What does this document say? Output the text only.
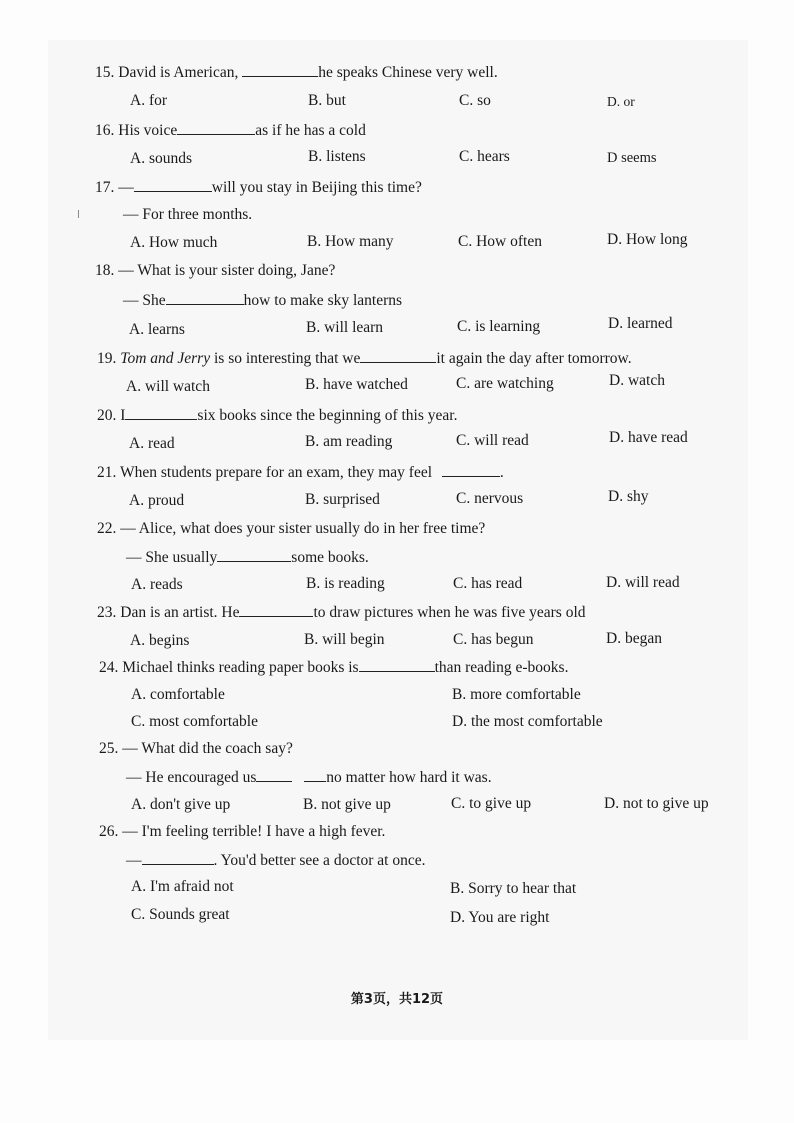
15. David is American,	he speaks Chinese very well.
A. for	B. but	C. so	D. or
16. His voice	as if he has a cold
A. sounds	B. listens	C. hears	D seems
17. —	will you stay in Beijing this time?
— For three months.
A. How much	B. How many	C. How often	D. How long
18. — What is your sister doing, Jane?
— She	how to make sky lanterns
A. learns	B. will learn	C. is learning	D. learned
19. Tom and Jerry is so interesting that we	it again the day after tomorrow.
A. will watch	B. have watched	C. are watching	D. watch
20. I	six books since the beginning of this year.
A. read	B. am reading	C. will read	D. have read
21. When students prepare for an exam, they may feel	.
A. proud	B. surprised	C. nervous	D. shy
22. — Alice, what does your sister usually do in her free time?
— She usually	some books.
A. reads	B. is reading	C. has read	D. will read
23. Dan is an artist. He	to draw pictures when he was five years old
A. begins	B. will begin	C. has begun	D. began
24. Michael thinks reading paper books is	than reading e-books.
A. comfortable	B. more comfortable
C. most comfortable	D. the most comfortable
25. — What did the coach say?
— He encouraged us	no matter how hard it was.
A. don't give up	B. not give up	C. to give up	D. not to give up
26. — I'm feeling terrible! I have a high fever.
—	. You'd better see a doctor at once.
A. I'm afraid not	B. Sorry to hear that
C. Sounds great	D. You are right
第3页，共12页
